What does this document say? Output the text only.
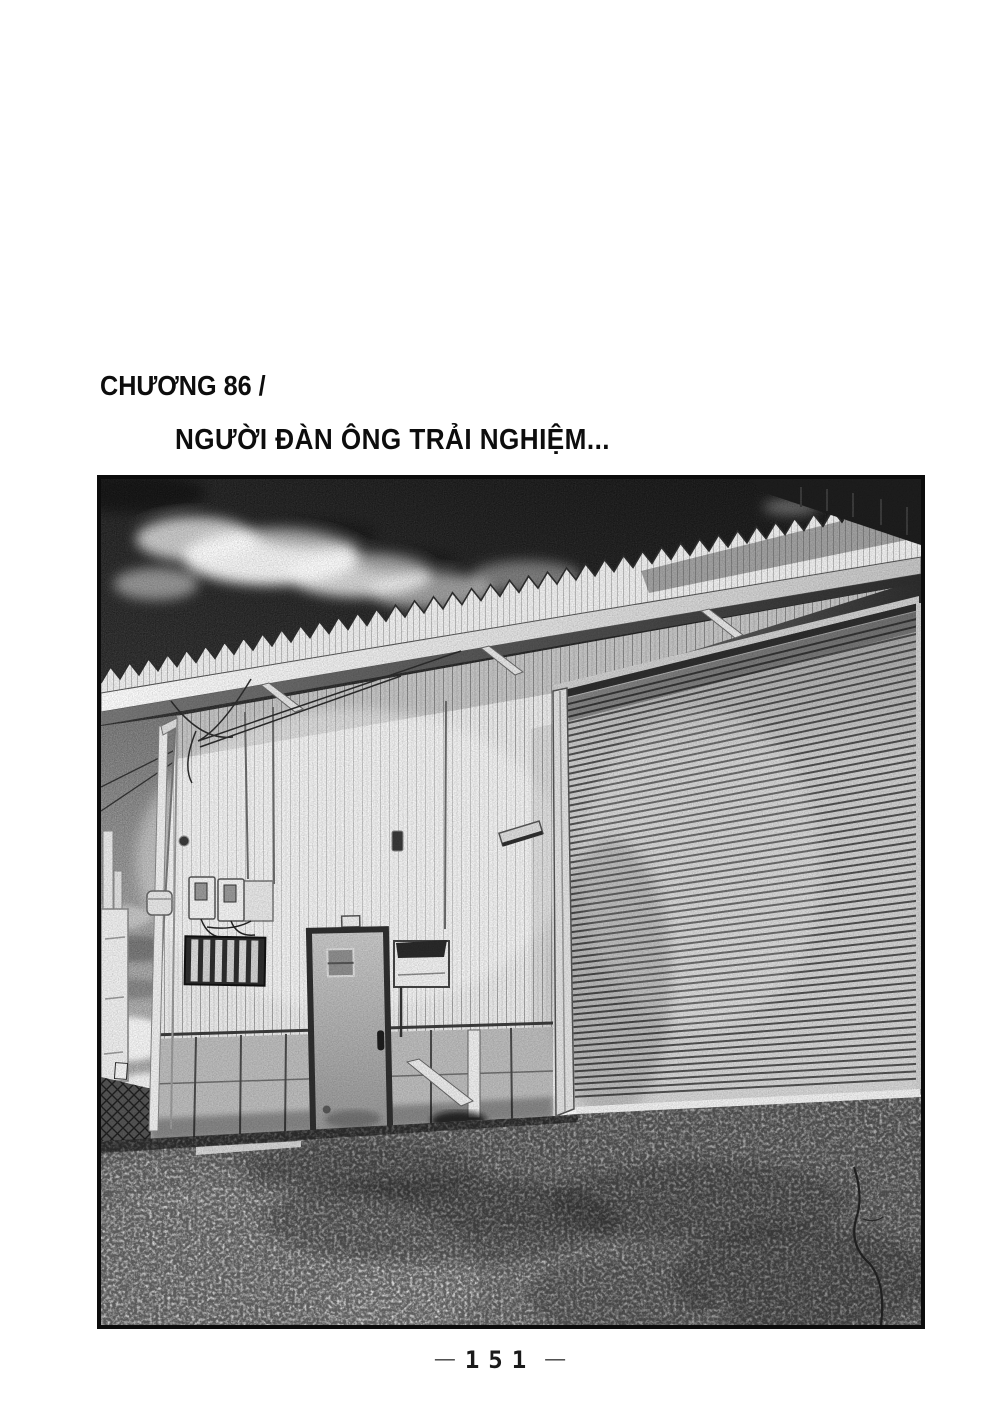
CHƯƠNG 86 /
NGƯỜI ĐÀN ÔNG TRẢI NGHIỆM...
— 151 —
